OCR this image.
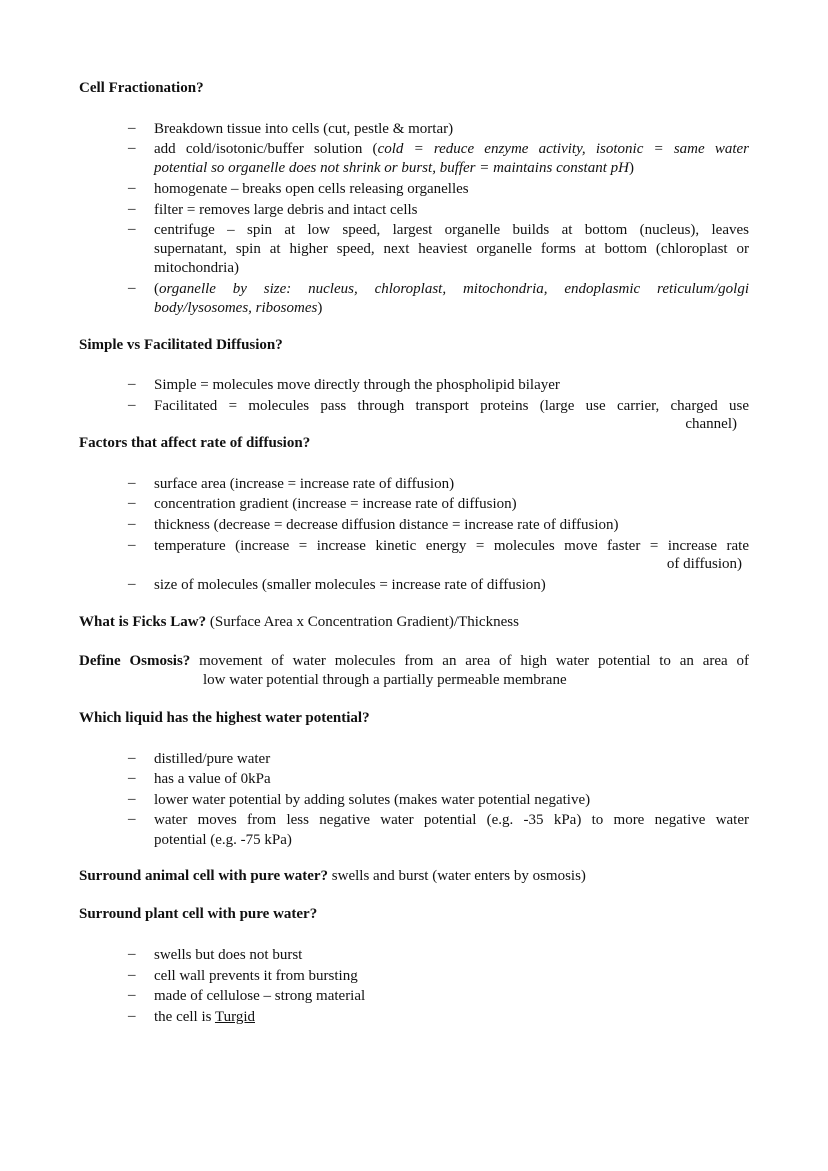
Cell Fractionation?
– Breakdown tissue into cells (cut, pestle & mortar)
– add cold/isotonic/buffer solution (cold = reduce enzyme activity, isotonic = same water
potential so organelle does not shrink or burst, buffer = maintains constant pH)
– homogenate – breaks open cells releasing organelles
– filter = removes large debris and intact cells
– centrifuge – spin at low speed, largest organelle builds at bottom (nucleus), leaves
supernatant, spin at higher speed, next heaviest organelle forms at bottom (chloroplast or
mitochondria)
– (organelle by size: nucleus, chloroplast, mitochondria, endoplasmic reticulum/golgi
body/lysosomes, ribosomes)
Simple vs Facilitated Diffusion?
– Simple = molecules move directly through the phospholipid bilayer
– Facilitated = molecules pass through transport proteins (large use carrier, charged use
channel)
Factors that affect rate of diffusion?
– surface area (increase = increase rate of diffusion)
– concentration gradient (increase = increase rate of diffusion)
– thickness (decrease = decrease diffusion distance = increase rate of diffusion)
– temperature (increase = increase kinetic energy = molecules move faster = increase rate
of diffusion)
– size of molecules (smaller molecules = increase rate of diffusion)
What is Ficks Law? (Surface Area x Concentration Gradient)/Thickness
Define Osmosis? movement of water molecules from an area of high water potential to an area of
low water potential through a partially permeable membrane
Which liquid has the highest water potential?
– distilled/pure water
– has a value of 0kPa
– lower water potential by adding solutes (makes water potential negative)
– water moves from less negative water potential (e.g. -35 kPa) to more negative water
potential (e.g. -75 kPa)
Surround animal cell with pure water? swells and burst (water enters by osmosis)
Surround plant cell with pure water?
– swells but does not burst
– cell wall prevents it from bursting
– made of cellulose – strong material
– the cell is Turgid
